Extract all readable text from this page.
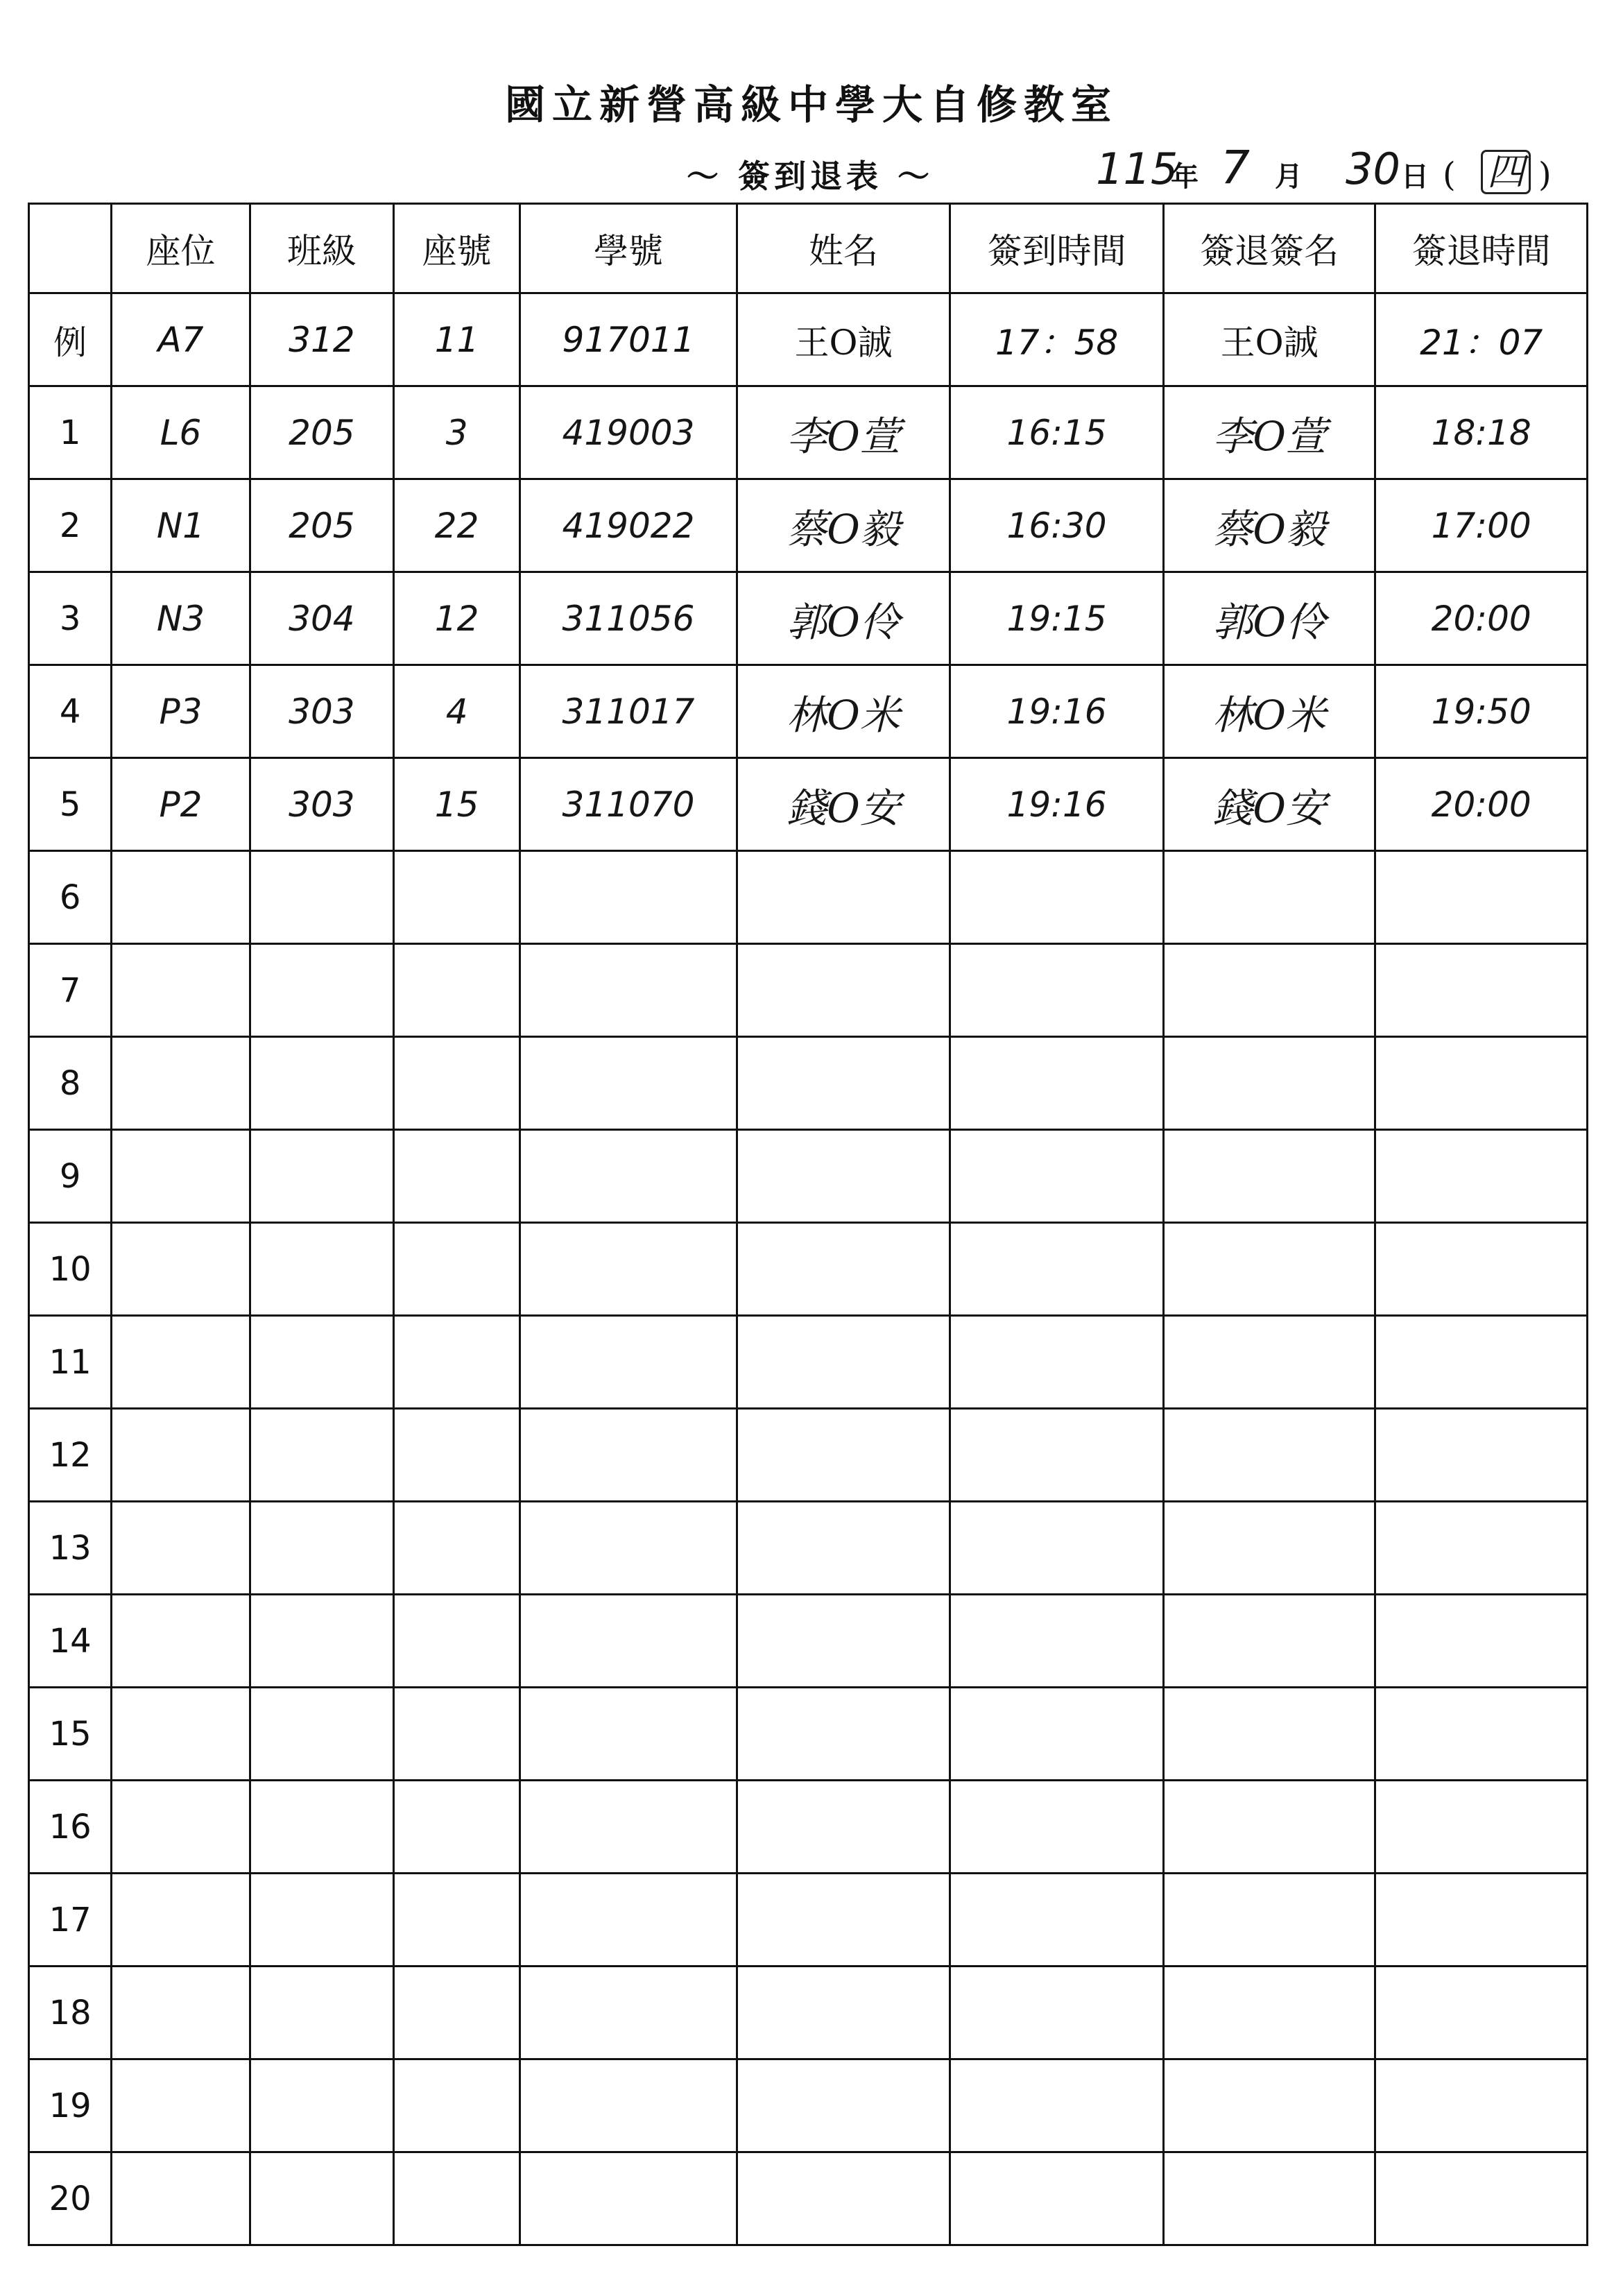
國立新營高級中學大自修教室
～ 簽到退表 ～	115
年 7 月 30 日 ( 四 )
	座位	班級	座號	學號	姓名	簽到時間	簽退簽名	簽退時間
例	A7	312	11	917011	王O誠	17：58	王O誠	21：07
1	L6	205	3	419003	李O萱	16:15	李O萱	18:18
2	N1	205	22	419022	蔡O毅	16:30	蔡O毅	17:00
3	N3	304	12	311056	郭O伶	19:15	郭O伶	20:00
4	P3	303	4	311017	林O米	19:16	林O米	19:50
5	P2	303	15	311070	錢O安	19:16	錢O安	20:00
6								
7								
8								
9								
10								
11								
12								
13								
14								
15								
16								
17								
18								
19								
20								
